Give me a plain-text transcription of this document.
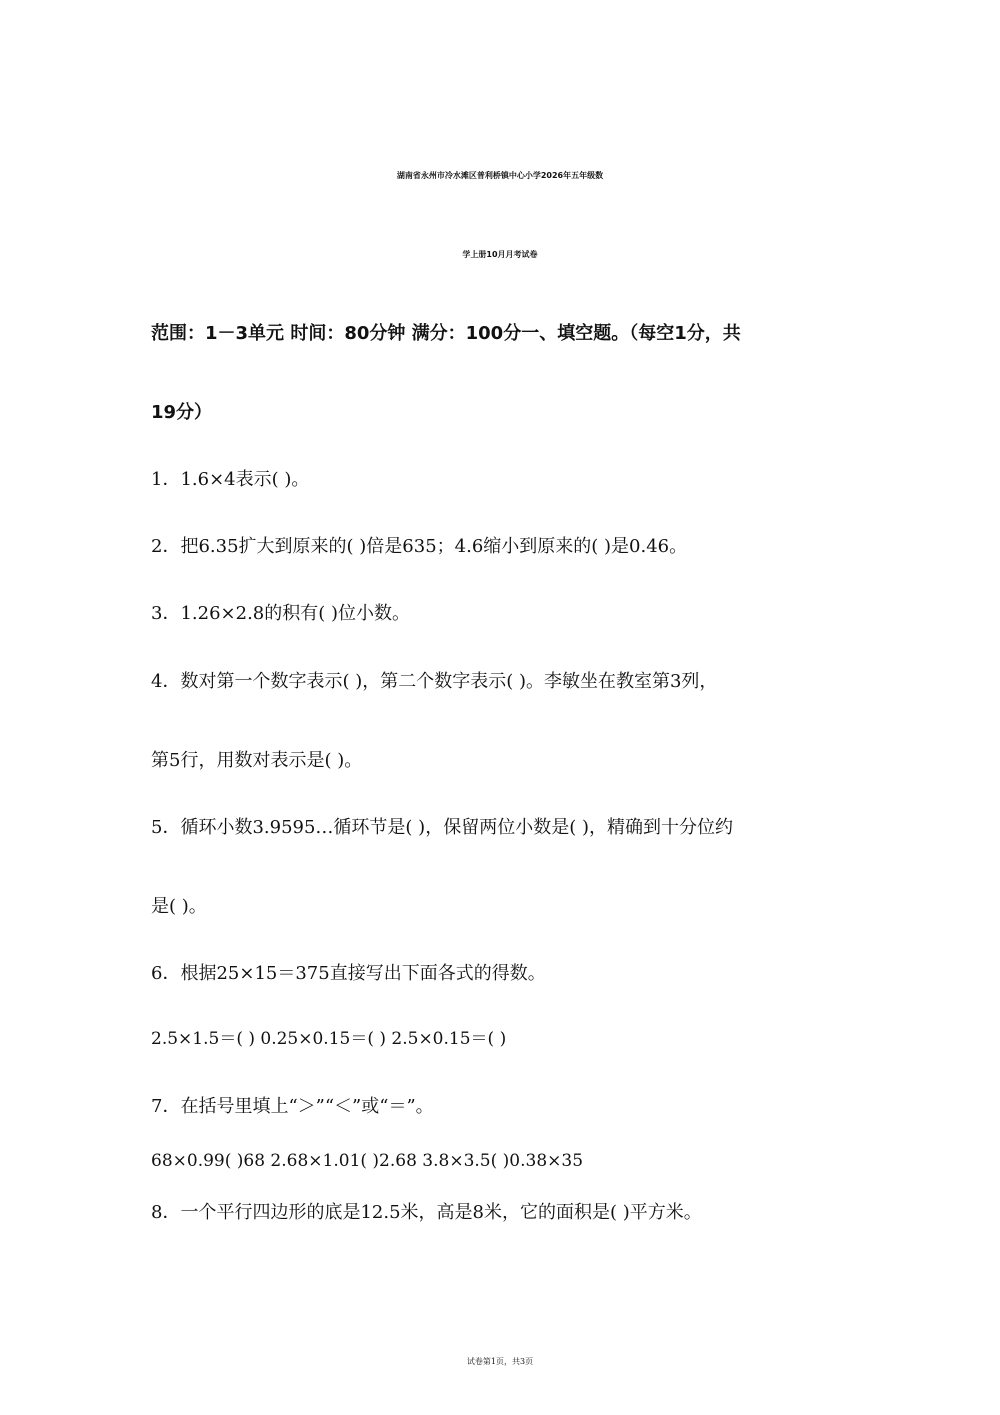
湖南省永州市冷水滩区普利桥镇中心小学2026年五年级数
学上册10月月考试卷
范围：1－3单元 时间：80分钟 满分：100分一、填空题。（每空1分，共
19分）
1．1.6×4表示( )。
2．把6.35扩大到原来的( )倍是635；4.6缩小到原来的( )是0.46。
3．1.26×2.8的积有( )位小数。
4．数对第一个数字表示( )，第二个数字表示( )。李敏坐在教室第3列，
第5行，用数对表示是( )。
5．循环小数3.9595…循环节是( )，保留两位小数是( )，精确到十分位约
是( )。
6．根据25×15＝375直接写出下面各式的得数。
2.5×1.5＝( ) 0.25×0.15＝( ) 2.5×0.15＝( )
7．在括号里填上“＞”“＜”或“＝”。
68×0.99( )68 2.68×1.01( )2.68 3.8×3.5( )0.38×35
8．一个平行四边形的底是12.5米，高是8米，它的面积是( )平方米。
试卷第1页，共3页
